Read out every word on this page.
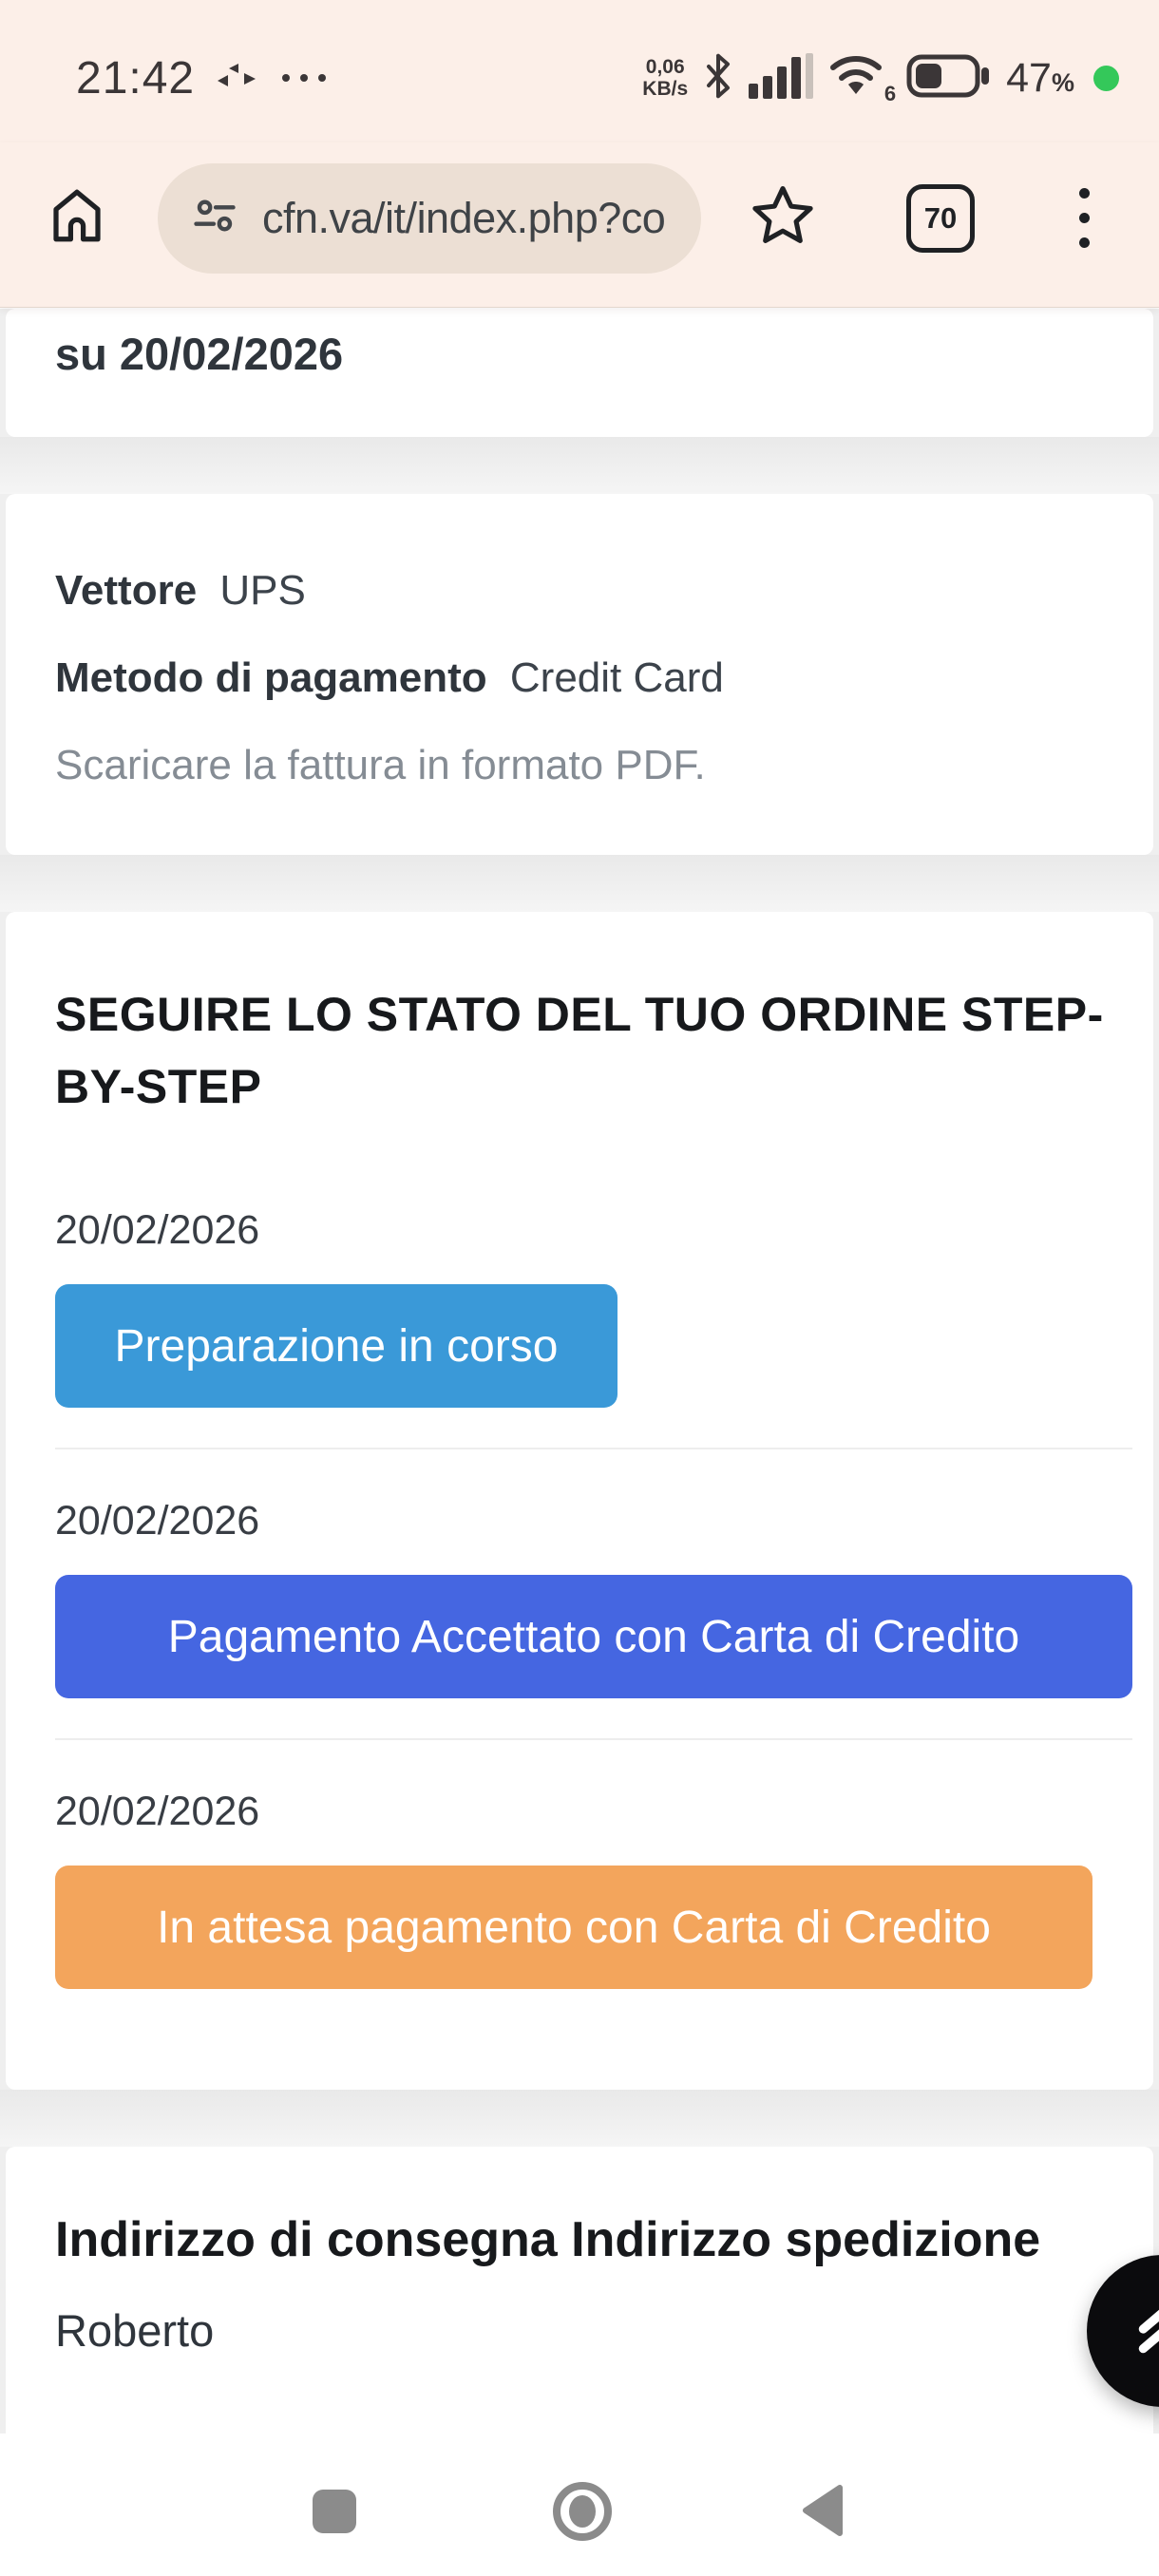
21:42	0,06
KB/s	6	47%
cfn.va/it/index.php?co	70
su 20/02/2026
Vettore UPS
Metodo di pagamento Credit Card
Scaricare la fattura in formato PDF.
SEGUIRE LO STATO DEL TUO ORDINE STEP-BY-STEP
20/02/2026
Preparazione in corso
20/02/2026
Pagamento Accettato con Carta di Credito
20/02/2026
In attesa pagamento con Carta di Credito
Indirizzo di consegna Indirizzo spedizione
Roberto
